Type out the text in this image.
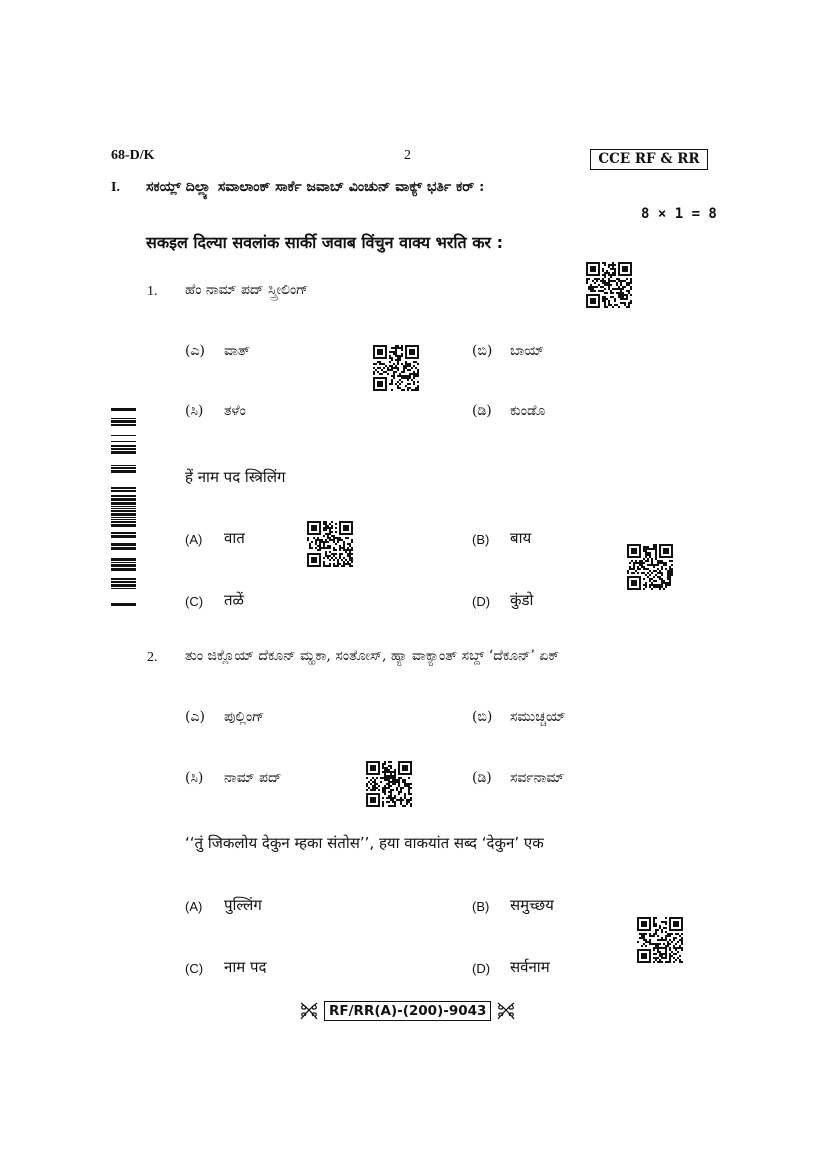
68-D/K	2	CCE RF & RR
I. ಸಕಯ್ಲ್ ದಿಲ್ಲ್ಯಾ ಸವಾಲಾಂಕ್ ಸಾರ್ಕೆ ಜವಾಬ್ ವಿಂಚುನ್ ವಾಕ್ಯ್ ಭರ್ತಿ ಕರ್ :
8 × 1 = 8
सकइल दिल्या सवलांक सार्की जवाब विंचुन वाक्य भरति कर :
1. ಹೆಂ ನಾಮ್ ಪದ್ ಸ್ತ್ರೀಲಿಂಗ್
(ಎ) ವಾತ್	(ಬಿ) ಬಾಯ್
(ಸಿ) ತಳೆಂ	(ಡಿ) ಕುಂಡೊ
हें नाम पद स्त्रिलिंग
(A) वात	(B) बाय
(C) तळें	(D) कुंडो
2. ತುಂ ಜಿಕ್ಲೊಯ್ ದೆಕೂನ್ ಮ್ಹಕಾ, ಸಂತೋಸ್, ಹ್ಯಾ ವಾಕ್ಯಾಂತ್ ಸಬ್ದ್ ‘ದೆಕೂನ್’ ಏಕ್
(ಎ) ಪುಲ್ಲಿಂಗ್	(ಬಿ) ಸಮುಚ್ಚಯ್
(ಸಿ) ನಾಮ್ ಪದ್	(ಡಿ) ಸರ್ವನಾಮ್
‘‘तुं जिकलोय देकुन म्हका संतोस’’, हया वाकयांत सब्द ‘देकुन’ एक
(A) पुल्लिंग	(B) समुच्छय
(C) नाम पद	(D) सर्वनाम
RF/RR(A)-(200)-9043
